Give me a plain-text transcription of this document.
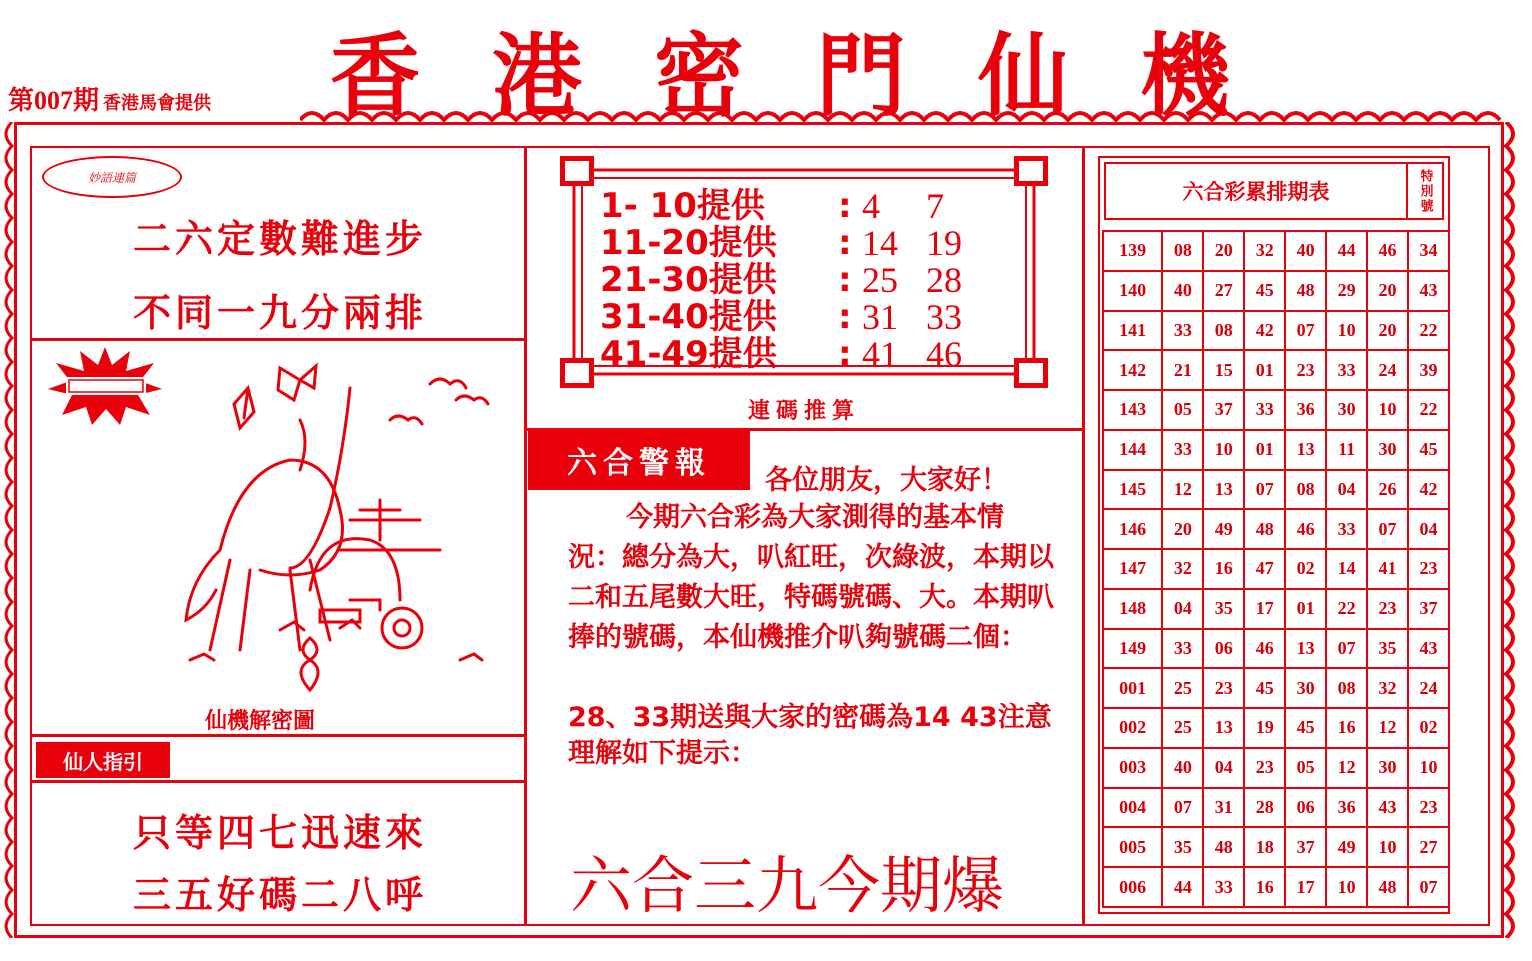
第007期 香港馬會提供	香 港 密 門 仙 機
妙語連篇
二六定數難進步
不同一九分兩排
仙機解密圖
仙人指引
只等四七迅速來
三五好碼二八呼
1- 10提供	: 4	7
11-20提供	: 14 19
21-30提供	: 25 28
31-40提供	: 31 33
41-49提供	: 41 46
連碼推算
六合警報	各位朋友，大家好！
今期六合彩為大家測得的基本情況：總分為大，叭紅旺，次綠波，本期以二和五尾數大旺，特碼號碼、大。本期叭捧的號碼，本仙機推介叭夠號碼二個：
28、33期送與大家的密碼為14 43注意理解如下提示：
六合三九今期爆
六合彩累排期表	特別號
139	08	20	32	40	44	46	34
140	40	27	45	48	29	20	43
141	33	08	42	07	10	20	22
142	21	15	01	23	33	24	39
143	05	37	33	36	30	10	22
144	33	10	01	13	11	30	45
145	12	13	07	08	04	26	42
146	20	49	48	46	33	07	04
147	32	16	47	02	14	41	23
148	04	35	17	01	22	23	37
149	33	06	46	13	07	35	43
001	25	23	45	30	08	32	24
002	25	13	19	45	16	12	02
003	40	04	23	05	12	30	10
004	07	31	28	06	36	43	23
005	35	48	18	37	49	10	27
006	44	33	16	17	10	48	07
